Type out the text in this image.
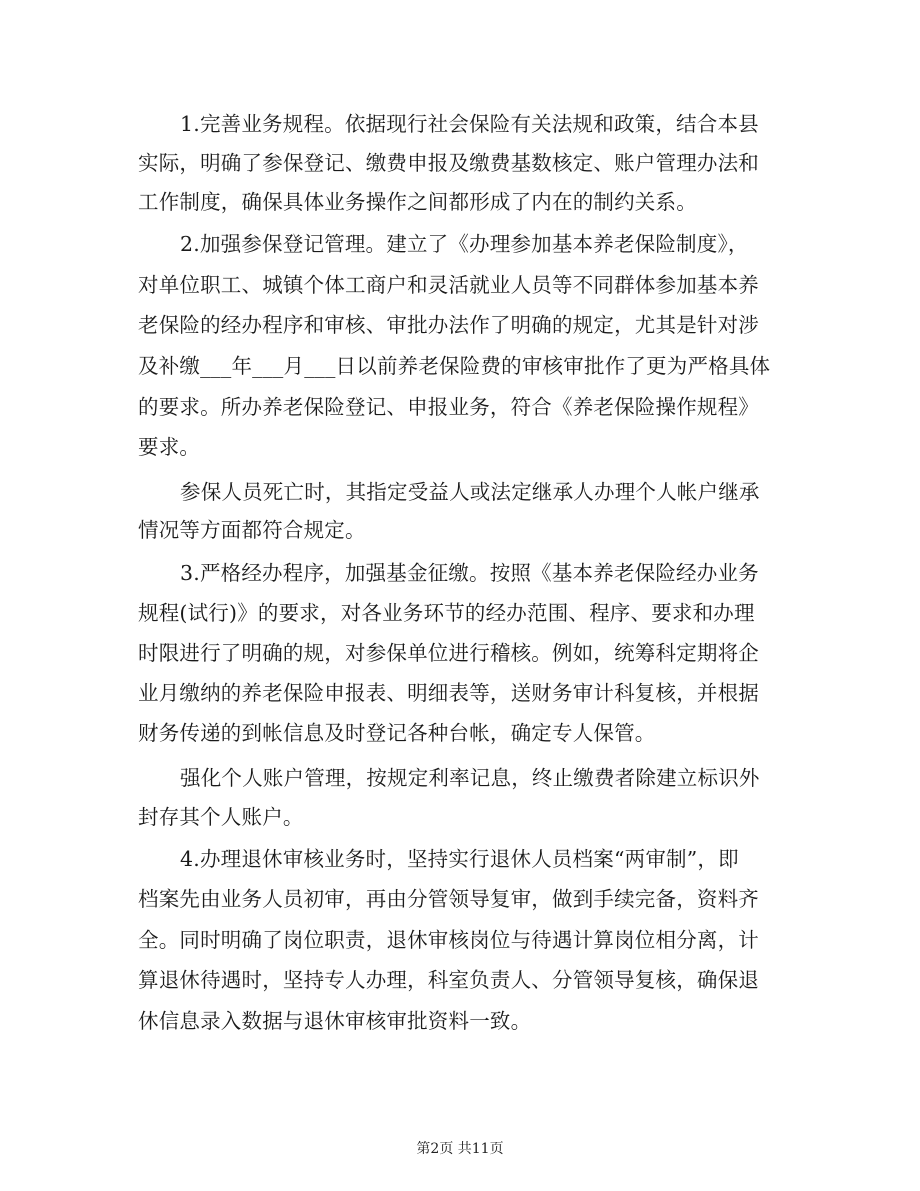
1.完善业务规程。依据现行社会保险有关法规和政策，结合本县
实际，明确了参保登记、缴费申报及缴费基数核定、账户管理办法和
工作制度，确保具体业务操作之间都形成了内在的制约关系。
2.加强参保登记管理。建立了《办理参加基本养老保险制度》，
对单位职工、城镇个体工商户和灵活就业人员等不同群体参加基本养
老保险的经办程序和审核、审批办法作了明确的规定，尤其是针对涉
及补缴___年___月___日以前养老保险费的审核审批作了更为严格具体
的要求。所办养老保险登记、申报业务，符合《养老保险操作规程》
要求。
参保人员死亡时，其指定受益人或法定继承人办理个人帐户继承
情况等方面都符合规定。
3.严格经办程序，加强基金征缴。按照《基本养老保险经办业务
规程(试行)》的要求，对各业务环节的经办范围、程序、要求和办理
时限进行了明确的规，对参保单位进行稽核。例如，统筹科定期将企
业月缴纳的养老保险申报表、明细表等，送财务审计科复核，并根据
财务传递的到帐信息及时登记各种台帐，确定专人保管。
强化个人账户管理，按规定利率记息，终止缴费者除建立标识外
封存其个人账户。
4.办理退休审核业务时，坚持实行退休人员档案“两审制”，即
档案先由业务人员初审，再由分管领导复审，做到手续完备，资料齐
全。同时明确了岗位职责，退休审核岗位与待遇计算岗位相分离，计
算退休待遇时，坚持专人办理，科室负责人、分管领导复核，确保退
休信息录入数据与退休审核审批资料一致。
第2页 共11页
